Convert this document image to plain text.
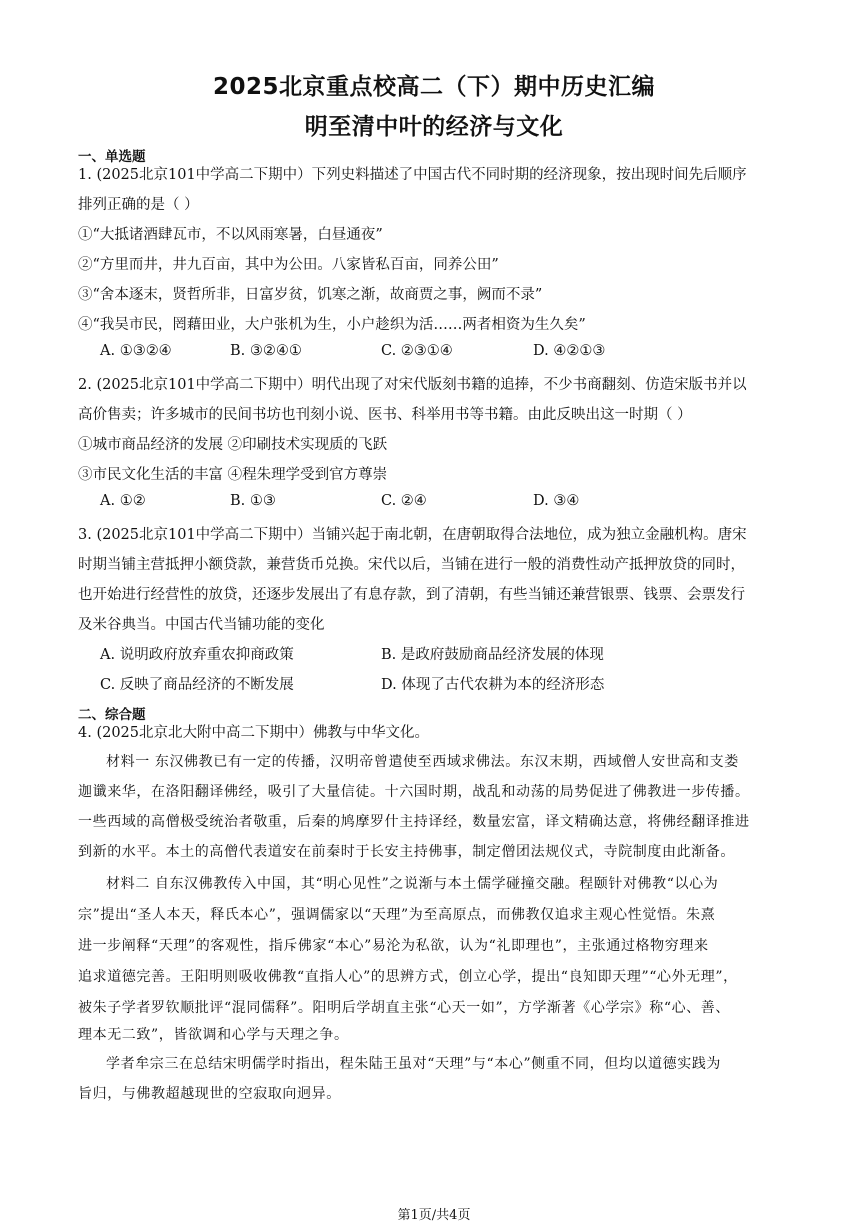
2025北京重点校高二（下）期中历史汇编
明至清中叶的经济与文化
一、单选题
1. (2025北京101中学高二下期中）下列史料描述了中国古代不同时期的经济现象，按出现时间先后顺序
排列正确的是（ ）
①“大抵诸酒肆瓦市，不以风雨寒暑，白昼通夜”
②“方里而井，井九百亩，其中为公田。八家皆私百亩，同养公田”
③“舍本逐末，贤哲所非，日富岁贫，饥寒之渐，故商贾之事，阙而不录”
④“我吴市民，罔藉田业，大户张机为生，小户趁织为活……两者相资为生久矣”
A. ①③②④	B. ③②④①	C. ②③①④	D. ④②①③
2. (2025北京101中学高二下期中）明代出现了对宋代版刻书籍的追捧，不少书商翻刻、仿造宋版书并以
高价售卖；许多城市的民间书坊也刊刻小说、医书、科举用书等书籍。由此反映出这一时期（ ）
①城市商品经济的发展 ②印刷技术实现质的飞跃
③市民文化生活的丰富 ④程朱理学受到官方尊崇
A. ①②	B. ①③	C. ②④	D. ③④
3. (2025北京101中学高二下期中）当铺兴起于南北朝，在唐朝取得合法地位，成为独立金融机构。唐宋
时期当铺主营抵押小额贷款，兼营货币兑换。宋代以后，当铺在进行一般的消费性动产抵押放贷的同时，
也开始进行经营性的放贷，还逐步发展出了有息存款，到了清朝，有些当铺还兼营银票、钱票、会票发行
及米谷典当。中国古代当铺功能的变化
A. 说明政府放弃重农抑商政策	B. 是政府鼓励商品经济发展的体现
C. 反映了商品经济的不断发展	D. 体现了古代农耕为本的经济形态
二、综合题
4. (2025北京北大附中高二下期中）佛教与中华文化。
材料一 东汉佛教已有一定的传播，汉明帝曾遣使至西域求佛法。东汉末期，西域僧人安世高和支娄
迦谶来华，在洛阳翻译佛经，吸引了大量信徒。十六国时期，战乱和动荡的局势促进了佛教进一步传播。
一些西域的高僧极受统治者敬重，后秦的鸠摩罗什主持译经，数量宏富，译文精确达意，将佛经翻译推进
到新的水平。本土的高僧代表道安在前秦时于长安主持佛事，制定僧团法规仪式，寺院制度由此渐备。
材料二 自东汉佛教传入中国，其“明心见性”之说渐与本土儒学碰撞交融。程颐针对佛教“以心为
宗”提出“圣人本天，释氏本心”，强调儒家以“天理”为至高原点，而佛教仅追求主观心性觉悟。朱熹
进一步阐释“天理”的客观性，指斥佛家“本心”易沦为私欲，认为“礼即理也”，主张通过格物穷理来
追求道德完善。王阳明则吸收佛教“直指人心”的思辨方式，创立心学，提出“良知即天理”“心外无理”，
被朱子学者罗钦顺批评“混同儒释”。阳明后学胡直主张“心天一如”，方学渐著《心学宗》称“心、善、
理本无二致”，皆欲调和心学与天理之争。
学者牟宗三在总结宋明儒学时指出，程朱陆王虽对“天理”与“本心”侧重不同，但均以道德实践为
旨归，与佛教超越现世的空寂取向迥异。
第1页/共4页
